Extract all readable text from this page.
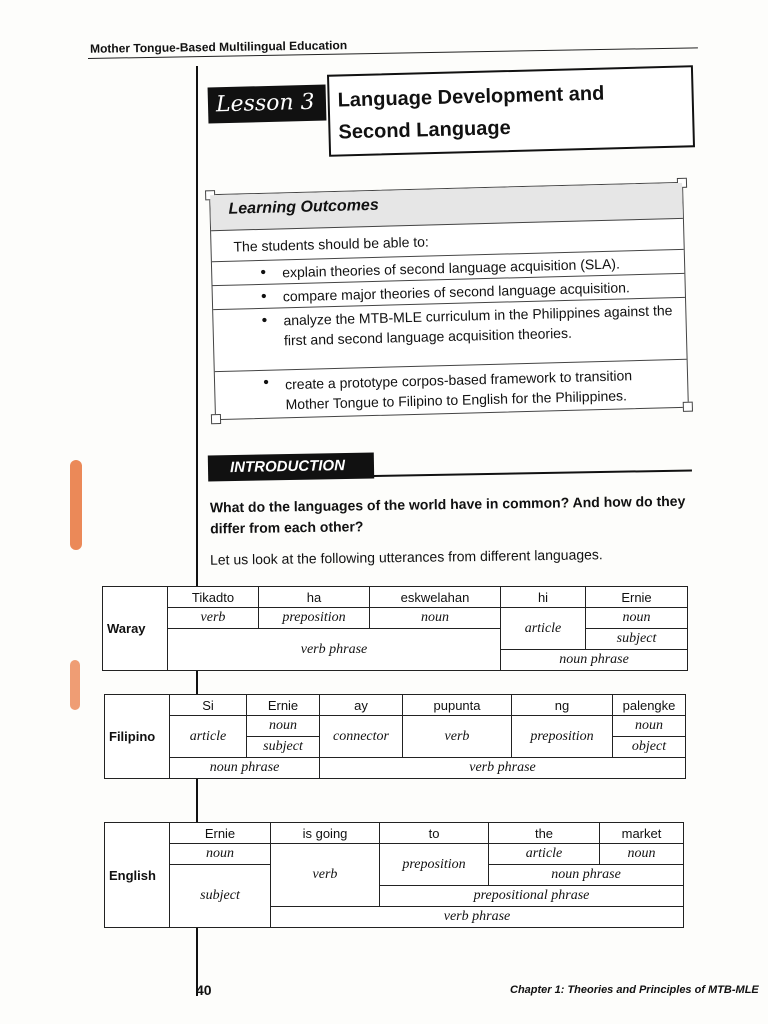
Mother Tongue-Based Multilingual Education
Lesson 3	Language Development and
Second Language
Learning Outcomes
The students should be able to:
● explain theories of second language acquisition (SLA).
● compare major theories of second language acquisition.
● analyze the MTB-MLE curriculum in the Philippines against the first and second language acquisition theories.
● create a prototype corpos-based framework to transition Mother Tongue to Filipino to English for the Philippines.
INTRODUCTION
What do the languages of the world have in common? And how do they differ from each other?
Let us look at the following utterances from different languages.
Waray	Tikadto	ha	eskwelahan	hi	Ernie
	verb	preposition	noun	article	noun
	verb phrase				subject
				noun phrase	
Filipino	Si	Ernie	ay	pupunta	ng	palengke
	article	noun	connector	verb	preposition	noun
		subject				object
	noun phrase		verb phrase			
English	Ernie	is going	to	the	market
	noun	verb	preposition	article	noun
	subject			noun phrase	
			prepositional phrase		
		verb phrase			
40	Chapter 1: Theories and Principles of MTB-MLE
